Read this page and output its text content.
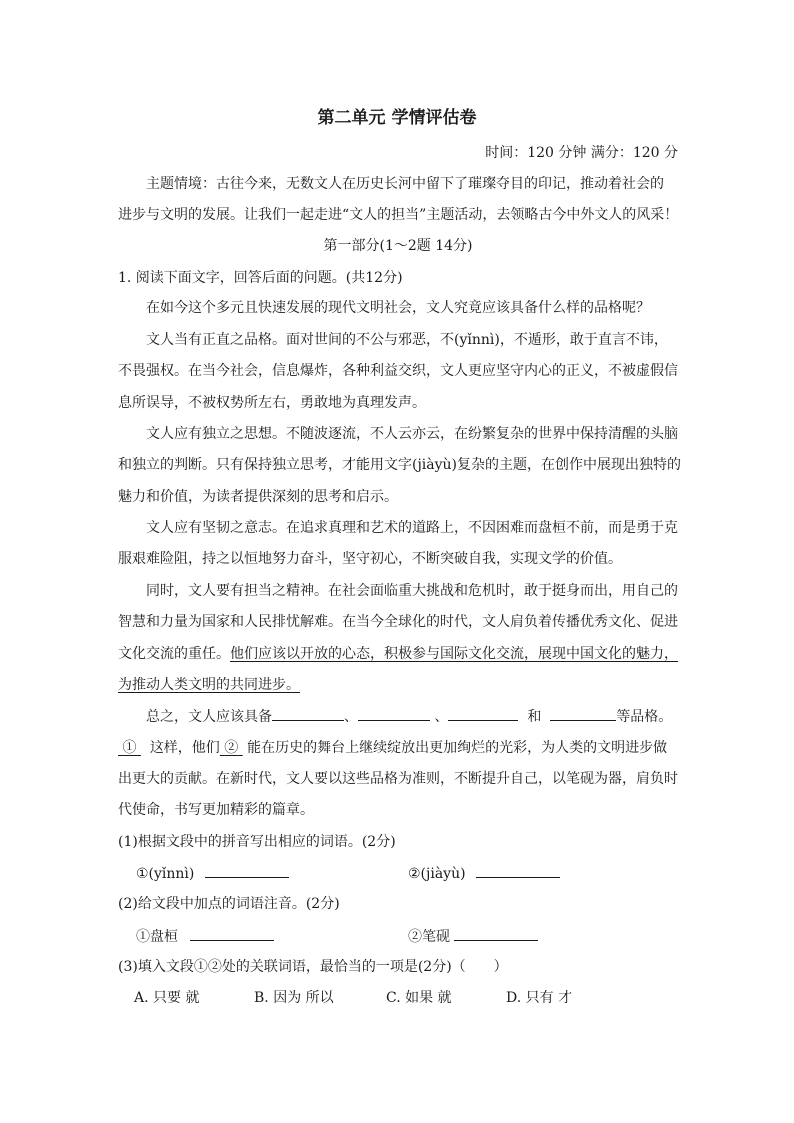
第二单元 学情评估卷
时间：120 分钟 满分：120 分
主题情境：古往今来，无数文人在历史长河中留下了璀璨夺目的印记，推动着社会的
进步与文明的发展。让我们一起走进“文人的担当”主题活动，去领略古今中外文人的风采！
第一部分(1～2题 14分)
1. 阅读下面文字，回答后面的问题。(共12分)
在如今这个多元且快速发展的现代文明社会，文人究竟应该具备什么样的品格呢？
文人当有正直之品格。面对世间的不公与邪恶，不(yǐnnì)，不遁形，敢于直言不讳，
不畏强权。在当今社会，信息爆炸，各种利益交织，文人更应坚守内心的正义，不被虚假信
息所误导，不被权势所左右，勇敢地为真理发声。
文人应有独立之思想。不随波逐流，不人云亦云，在纷繁复杂的世界中保持清醒的头脑
和独立的判断。只有保持独立思考，才能用文字(jiàyù)复杂的主题，在创作中展现出独特的
魅力和价值，为读者提供深刻的思考和启示。
文人应有坚韧之意志。在追求真理和艺术的道路上，不因困难而盘桓不前，而是勇于克
服艰难险阻，持之以恒地努力奋斗，坚守初心，不断突破自我，实现文学的价值。
同时，文人要有担当之精神。在社会面临重大挑战和危机时，敢于挺身而出，用自己的
智慧和力量为国家和人民排忧解难。在当今全球化的时代，文人肩负着传播优秀文化、促进
文化交流的重任。他们应该以开放的心态，积极参与国际文化交流，展现中国文化的魅力，
为推动人类文明的共同进步。
总之，文人应该具备	、	、	和	等品格。
① 这样，他们 ② 能在历史的舞台上继续绽放出更加绚烂的光彩，为人类的文明进步做
出更大的贡献。在新时代，文人要以这些品格为准则，不断提升自己，以笔砚为器，肩负时
代使命，书写更加精彩的篇章。
(1)根据文段中的拼音写出相应的词语。(2分)
①(yǐnnì)	②(jiàyù)
(2)给文段中加点的词语注音。(2分)
①盘桓	②笔砚
(3)填入文段①②处的关联词语，最恰当的一项是(2分)（　　）
A. 只要 就	B. 因为 所以	C. 如果 就	D. 只有 才
